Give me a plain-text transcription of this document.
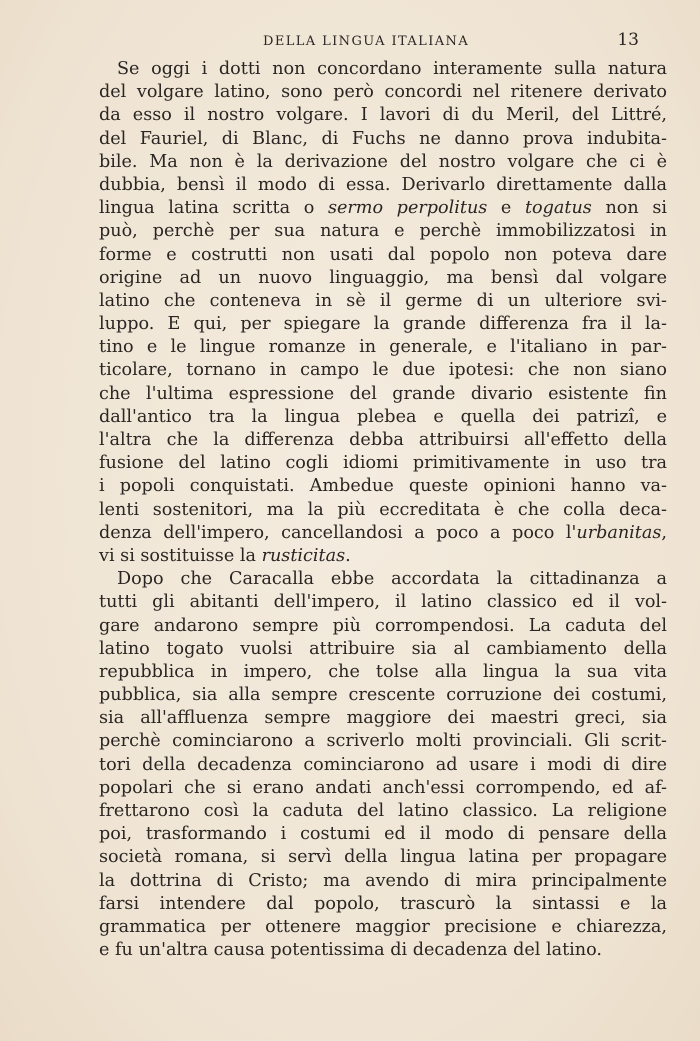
DELLA LINGUA ITALIANA	13
Se oggi i dotti non concordano interamente sulla natura
del volgare latino, sono però concordi nel ritenere derivato
da esso il nostro volgare. I lavori di du Meril, del Littré,
del Fauriel, di Blanc, di Fuchs ne danno prova indubita-
bile. Ma non è la derivazione del nostro volgare che ci è
dubbia, bensì il modo di essa. Derivarlo direttamente dalla
lingua latina scritta o sermo perpolitus e togatus non si
può, perchè per sua natura e perchè immobilizzatosi in
forme e costrutti non usati dal popolo non poteva dare
origine ad un nuovo linguaggio, ma bensì dal volgare
latino che conteneva in sè il germe di un ulteriore svi-
luppo. E qui, per spiegare la grande differenza fra il la-
tino e le lingue romanze in generale, e l'italiano in par-
ticolare, tornano in campo le due ipotesi: che non siano
che l'ultima espressione del grande divario esistente fin
dall'antico tra la lingua plebea e quella dei patrizî, e
l'altra che la differenza debba attribuirsi all'effetto della
fusione del latino cogli idiomi primitivamente in uso tra
i popoli conquistati. Ambedue queste opinioni hanno va-
lenti sostenitori, ma la più eccreditata è che colla deca-
denza dell'impero, cancellandosi a poco a poco l'urbanitas,
vi si sostituisse la rusticitas.
Dopo che Caracalla ebbe accordata la cittadinanza a
tutti gli abitanti dell'impero, il latino classico ed il vol-
gare andarono sempre più corrompendosi. La caduta del
latino togato vuolsi attribuire sia al cambiamento della
repubblica in impero, che tolse alla lingua la sua vita
pubblica, sia alla sempre crescente corruzione dei costumi,
sia all'affluenza sempre maggiore dei maestri greci, sia
perchè cominciarono a scriverlo molti provinciali. Gli scrit-
tori della decadenza cominciarono ad usare i modi di dire
popolari che si erano andati anch'essi corrompendo, ed af-
frettarono così la caduta del latino classico. La religione
poi, trasformando i costumi ed il modo di pensare della
società romana, si servì della lingua latina per propagare
la dottrina di Cristo; ma avendo di mira principalmente
farsi intendere dal popolo, trascurò la sintassi e la
grammatica per ottenere maggior precisione e chiarezza,
e fu un'altra causa potentissima di decadenza del latino.
